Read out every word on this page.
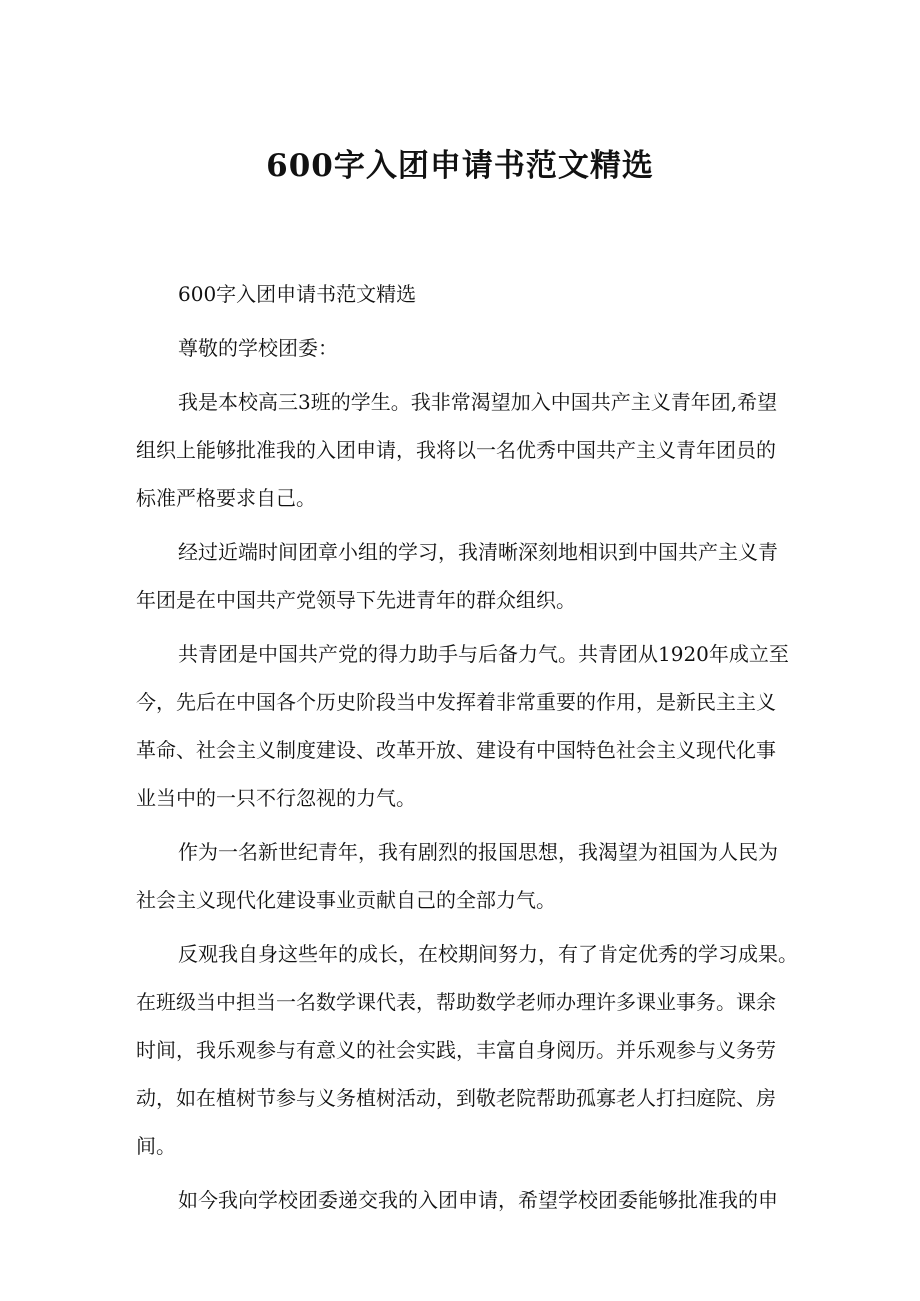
600字入团申请书范文精选

600字入团申请书范文精选

尊敬的学校团委：

我是本校高三3班的学生。我非常渴望加入中国共产主义青年团,希望
组织上能够批准我的入团申请，我将以一名优秀中国共产主义青年团员的
标准严格要求自己。

经过近端时间团章小组的学习，我清晰深刻地相识到中国共产主义青
年团是在中国共产党领导下先进青年的群众组织。

共青团是中国共产党的得力助手与后备力气。共青团从1920年成立至
今，先后在中国各个历史阶段当中发挥着非常重要的作用，是新民主主义
革命、社会主义制度建设、改革开放、建设有中国特色社会主义现代化事
业当中的一只不行忽视的力气。

作为一名新世纪青年，我有剧烈的报国思想，我渴望为祖国为人民为
社会主义现代化建设事业贡献自己的全部力气。

反观我自身这些年的成长，在校期间努力，有了肯定优秀的学习成果。
在班级当中担当一名数学课代表，帮助数学老师办理许多课业事务。课余
时间，我乐观参与有意义的社会实践，丰富自身阅历。并乐观参与义务劳
动，如在植树节参与义务植树活动，到敬老院帮助孤寡老人打扫庭院、房
间。

如今我向学校团委递交我的入团申请，希望学校团委能够批准我的申
